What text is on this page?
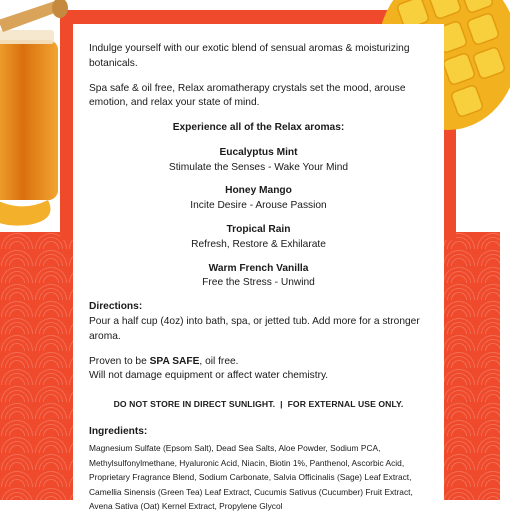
Indulge yourself with our exotic blend of sensual aromas & moisturizing botanicals.

Spa safe & oil free, Relax aromatherapy crystals set the mood, arouse emotion, and relax your state of mind.

Experience all of the Relax aromas:
Eucalyptus Mint
Stimulate the Senses - Wake Your Mind
Honey Mango
Incite Desire - Arouse Passion
Tropical Rain
Refresh, Restore & Exhilarate
Warm French Vanilla
Free the Stress - Unwind
Directions:
Pour a half cup (4oz) into bath, spa, or jetted tub. Add more for a stronger aroma.
Proven to be SPA SAFE, oil free.
Will not damage equipment or affect water chemistry.
DO NOT STORE IN DIRECT SUNLIGHT.  |  FOR EXTERNAL USE ONLY.
Ingredients:
Magnesium Sulfate (Epsom Salt), Dead Sea Salts, Aloe Powder, Sodium PCA, Methylsulfonylmethane, Hyaluronic Acid, Niacin, Biotin 1%, Panthenol, Ascorbic Acid, Proprietary Fragrance Blend, Sodium Carbonate, Salvia Officinalis (Sage) Leaf Extract, Camellia Sinensis (Green Tea) Leaf Extract, Cucumis Sativus (Cucumber) Fruit Extract, Avena Sativa (Oat) Kernel Extract, Propylene Glycol
